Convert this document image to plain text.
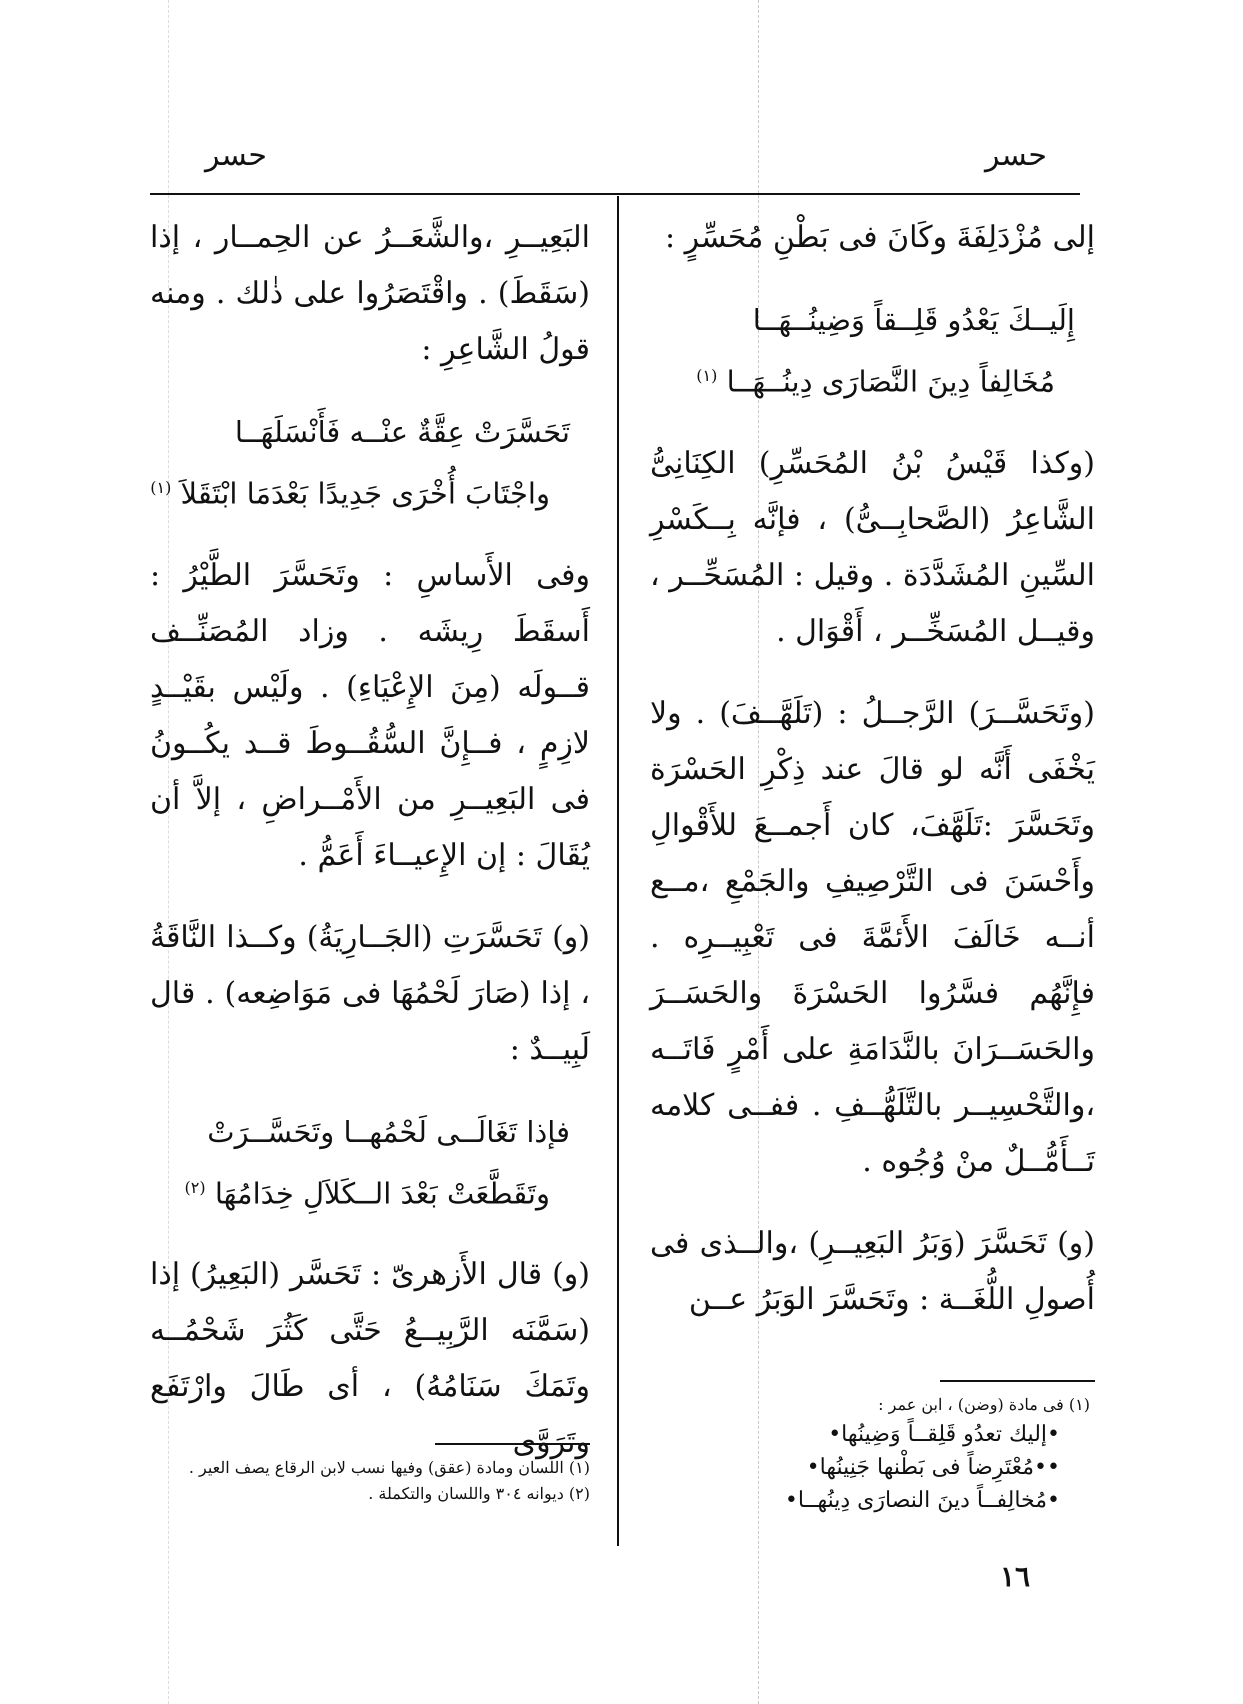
حسر
حسر

إلى مُزْدَلِفَةَ وكَانَ فى بَطْنِ مُحَسِّرٍ :

إِلَيــكَ يَعْدُو قَلِــقاً وَضِينُــهَــا
مُخَالِفاً دِينَ النَّصَارَى دِينُــهَــا $^{(١)}$

(وكذا قَيْسُ بْنُ المُحَسِّرِ) الكِنَانِىُّ الشَّاعِرُ (الصَّحابِــىُّ) ، فإنَّه بِــكَسْرِ السِّينِ المُشَدَّدَة . وقيل : المُسَحِّــر ، وقيــل المُسَخِّــر ، أَقْوَال .

(وتَحَسَّــرَ) الرَّجــلُ : (تَلَهَّــفَ) . ولا يَخْفَى أَنَّه لو قالَ عند ذِكْرِ الحَسْرَة وتَحَسَّرَ :تَلَهَّفَ، كان أَجمــعَ للأَقْوالِ وأَحْسَنَ فى التَّرْصِيفِ والجَمْعِ ،مــع أنــه خَالَفَ الأَئمَّةَ فى تَعْبِيــرِه . فإِنَّهُم فسَّرُوا الحَسْرَةَ والحَسَــرَ والحَسَــرَانَ بالنَّدَامَةِ على أَمْرٍ فَاتَــه ،والتَّحْسِيــر بالتَّلَهُّــفِ . ففــى كلامه تَــأَمُّــلٌ منْ وُجُوه .

(و) تَحَسَّرَ (وَبَرُ البَعِيــرِ) ،والــذى فى أُصولِ اللُّغَــة : وتَحَسَّرَ الوَبَرُ عــن

(١) فى مادة (وضن) ، ابن عمر :

•إليك تعدُو قَلِقــاً وَضِينُها•

••مُعْتَرِضاً فى بَطْنها جَنِينُها•

•مُخالِفــاً دينَ النصارَى دِينُهــا•

البَعِيــرِ ،والشَّعَــرُ عن الحِمــار ، إذا (سَقَطَ) . واقْتَصَرُوا على ذٰلك . ومنه قولُ الشَّاعِرِ :

تَحَسَّرَتْ عِقَّةٌ عنْــه فَأَنْسَلَهَــا
واجْتَابَ أُخْرَى جَدِيدًا بَعْدَمَا ابْتَقَلاَ $^{(١)}$

وفى الأَساسِ : وتَحَسَّرَ الطَّيْرُ : أَسقَطَ رِيشَه . وزاد المُصَنِّــف قــولَه (مِنَ الإِعْيَاءِ) . ولَيْس بقَيْــدٍ لازِمٍ ، فــإِنَّ السُّقُــوطَ قــد يكُــونُ فى البَعِيــرِ من الأَمْــراضِ ، إلاَّ أن يُقَالَ : إن الإِعيــاءَ أَعَمُّ .

(و) تَحَسَّرَتِ (الجَــارِيَةُ) وكــذا النَّاقَةُ ، إذا (صَارَ لَحْمُهَا فى مَوَاضِعه) . قال لَبِيــدٌ :

فإذا تَغَالَــى لَحْمُهــا وتَحَسَّــرَتْ
وتَقَطَّعَتْ بَعْدَ الــكَلاَلِ خِدَامُهَا $^{(٢)}$

(و) قال الأَزهرىّ : تَحَسَّر (البَعِيرُ) إذا (سَمَّنَه الرَّبِيــعُ حَتَّى كَثُرَ شَحْمُــه وتَمَكَ سَنَامُهُ) ، أى طَالَ وارْتَفَع وتَرَوَّى

(١) اللسان ومادة (عقق) وفيها نسب لابن الرقاع يصف العير .

(٢) ديوانه ٣٠٤ واللسان والتكملة .

١٦
